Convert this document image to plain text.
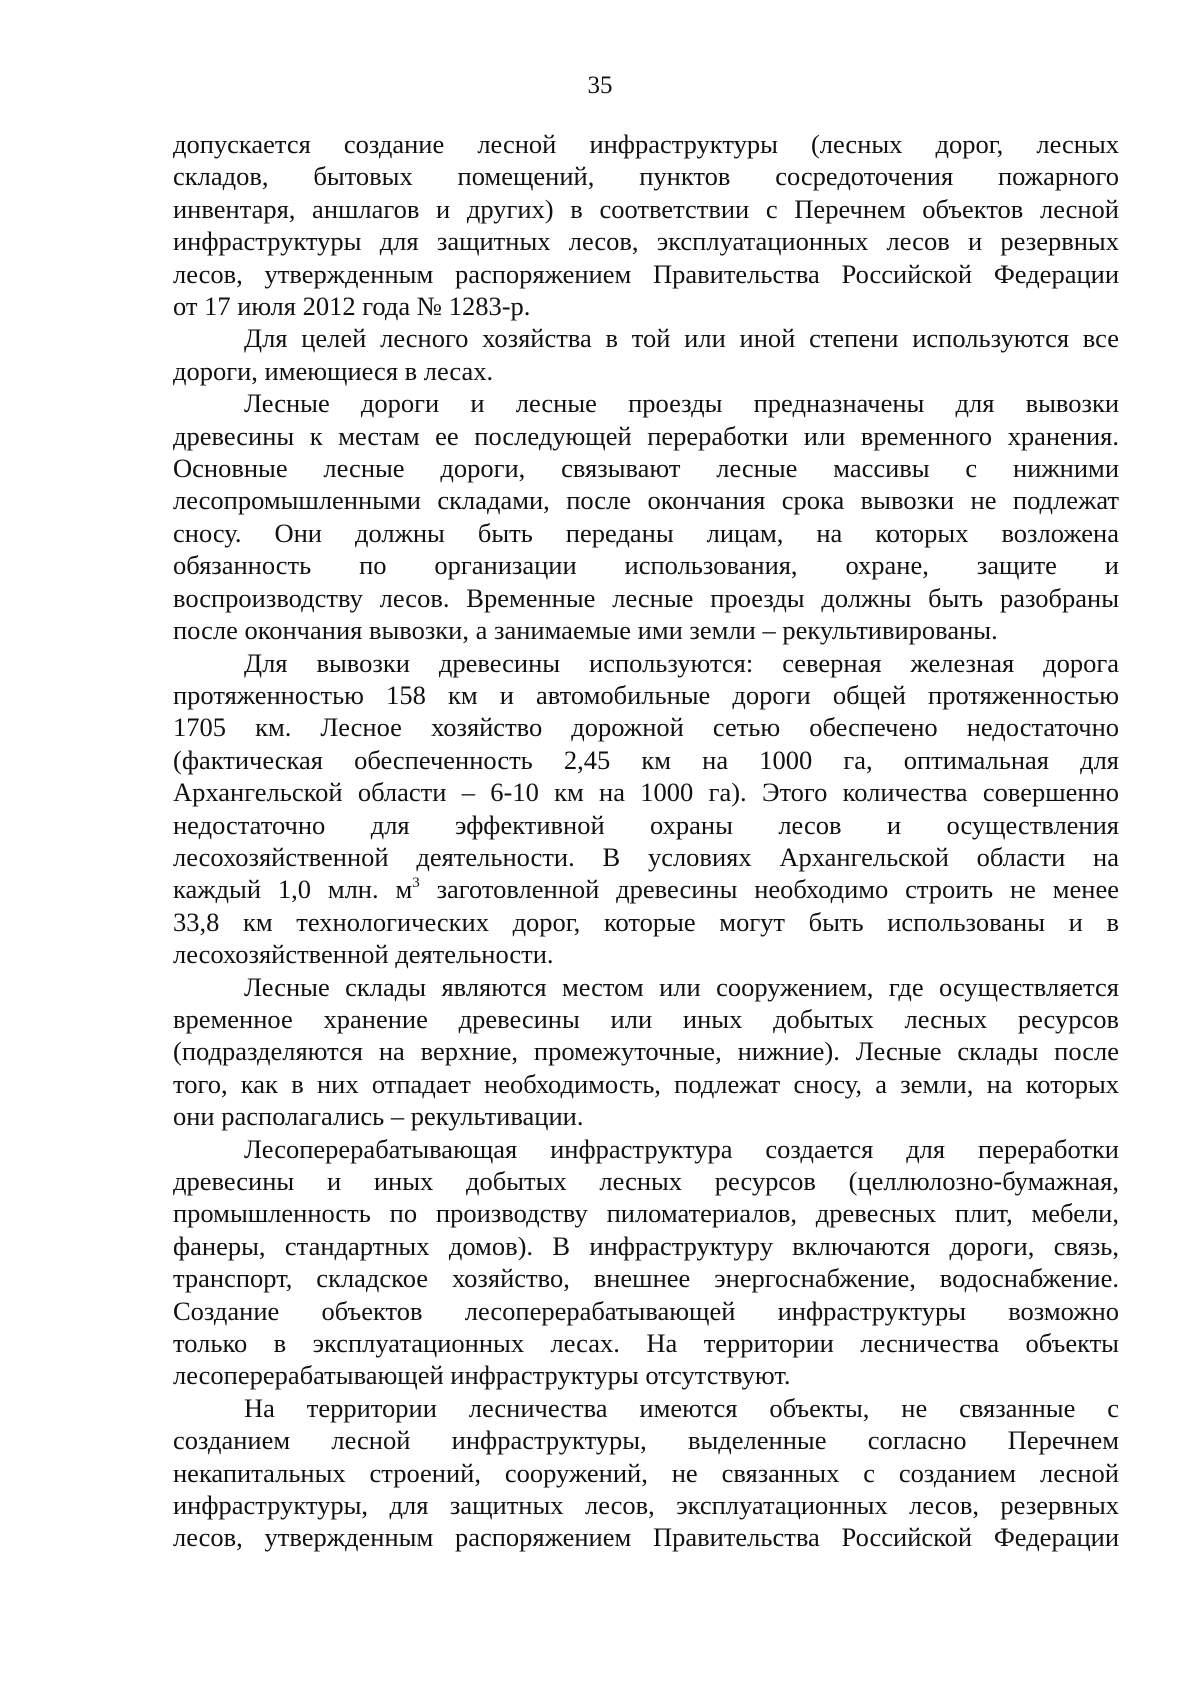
35
допускается создание лесной инфраструктуры (лесных дорог, лесных
складов, бытовых помещений, пунктов сосредоточения пожарного
инвентаря, аншлагов и других) в соответствии с Перечнем объектов лесной
инфраструктуры для защитных лесов, эксплуатационных лесов и резервных
лесов, утвержденным распоряжением Правительства Российской Федерации
от 17 июля 2012 года № 1283-р.
Для целей лесного хозяйства в той или иной степени используются все
дороги, имеющиеся в лесах.
Лесные дороги и лесные проезды предназначены для вывозки
древесины к местам ее последующей переработки или временного хранения.
Основные лесные дороги, связывают лесные массивы с нижними
лесопромышленными складами, после окончания срока вывозки не подлежат
сносу. Они должны быть переданы лицам, на которых возложена
обязанность по организации использования, охране, защите и
воспроизводству лесов. Временные лесные проезды должны быть разобраны
после окончания вывозки, а занимаемые ими земли – рекультивированы.
Для вывозки древесины используются: северная железная дорога
протяженностью 158 км и автомобильные дороги общей протяженностью
1705 км. Лесное хозяйство дорожной сетью обеспечено недостаточно
(фактическая обеспеченность 2,45 км на 1000 га, оптимальная для
Архангельской области – 6-10 км на 1000 га). Этого количества совершенно
недостаточно для эффективной охраны лесов и осуществления
лесохозяйственной деятельности. В условиях Архангельской области на
каждый 1,0 млн. $м^3$ заготовленной древесины необходимо строить не менее
33,8 км технологических дорог, которые могут быть использованы и в
лесохозяйственной деятельности.
Лесные склады являются местом или сооружением, где осуществляется
временное хранение древесины или иных добытых лесных ресурсов
(подразделяются на верхние, промежуточные, нижние). Лесные склады после
того, как в них отпадает необходимость, подлежат сносу, а земли, на которых
они располагались – рекультивации.
Лесоперерабатывающая инфраструктура создается для переработки
древесины и иных добытых лесных ресурсов (целлюлозно-бумажная,
промышленность по производству пиломатериалов, древесных плит, мебели,
фанеры, стандартных домов). В инфраструктуру включаются дороги, связь,
транспорт, складское хозяйство, внешнее энергоснабжение, водоснабжение.
Создание объектов лесоперерабатывающей инфраструктуры возможно
только в эксплуатационных лесах. На территории лесничества объекты
лесоперерабатывающей инфраструктуры отсутствуют.
На территории лесничества имеются объекты, не связанные с
созданием лесной инфраструктуры, выделенные согласно Перечнем
некапитальных строений, сооружений, не связанных с созданием лесной
инфраструктуры, для защитных лесов, эксплуатационных лесов, резервных
лесов, утвержденным распоряжением Правительства Российской Федерации
